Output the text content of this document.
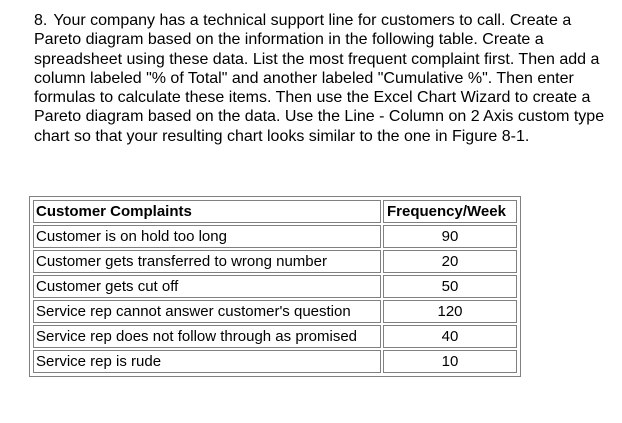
8. Your company has a technical support line for customers to call. Create a Pareto diagram based on the information in the following table. Create a spreadsheet using these data. List the most frequent complaint first. Then add a column labeled "% of Total" and another labeled "Cumulative %". Then enter formulas to calculate these items. Then use the Excel Chart Wizard to create a Pareto diagram based on the data. Use the Line - Column on 2 Axis custom type chart so that your resulting chart looks similar to the one in Figure 8-1.

Customer Complaints	Frequency/Week
Customer is on hold too long	90
Customer gets transferred to wrong number	20
Customer gets cut off	50
Service rep cannot answer customer's question	120
Service rep does not follow through as promised	40
Service rep is rude	10
